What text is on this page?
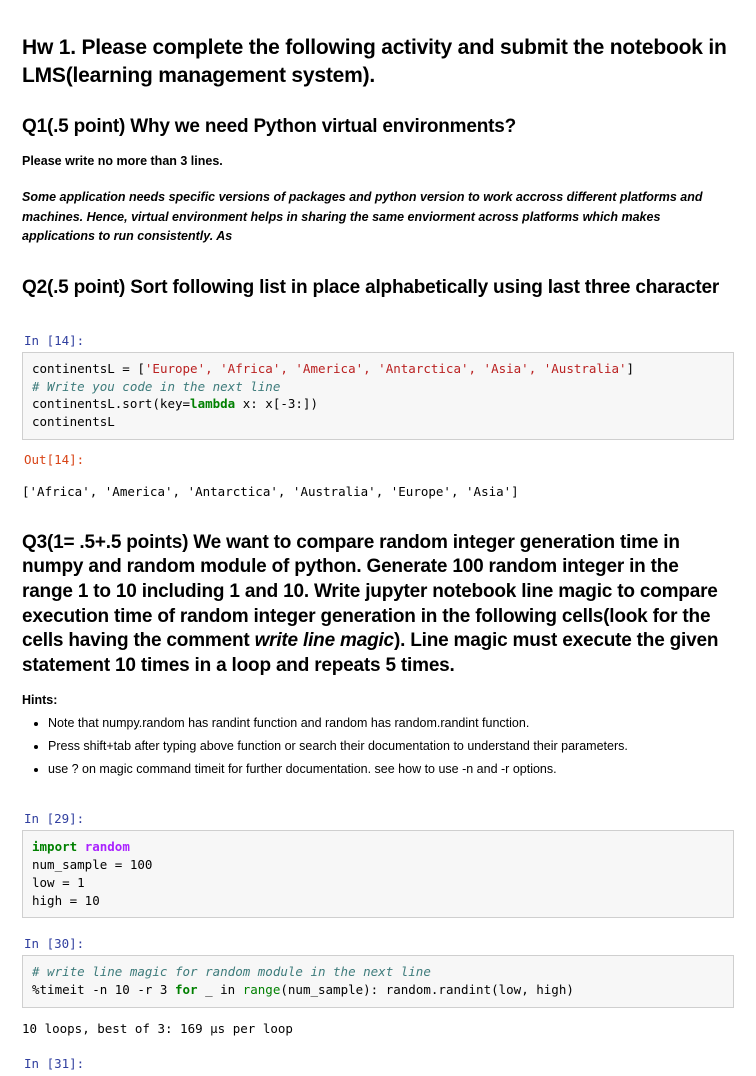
Hw 1. Please complete the following activity and submit the notebook in LMS(learning management system).
Q1(.5 point) Why we need Python virtual environments?

Please write no more than 3 lines.

Some application needs specific versions of packages and python version to work accross different platforms and machines. Hence, virtual environment helps in sharing the same enviorment across platforms which makes applications to run consistently. As

Q2(.5 point) Sort following list in place alphabetically using last three character
In [14]:
continentsL = ['Europe', 'Africa', 'America', 'Antarctica', 'Asia', 'Australia']
# Write you code in the next line
continentsL.sort(key=lambda x: x[-3:])
continentsL
Out[14]:
['Africa', 'America', 'Antarctica', 'Australia', 'Europe', 'Asia']
Q3(1= .5+.5 points) We want to compare random integer generation time in numpy and random module of python. Generate 100 random integer in the range 1 to 10 including 1 and 10. Write jupyter notebook line magic to compare execution time of random integer generation in the following cells(look for the cells having the comment write line magic). Line magic must execute the given statement 10 times in a loop and repeats 5 times.

Hints:

• Note that numpy.random has randint function and random has random.randint function.
• Press shift+tab after typing above function or search their documentation to understand their parameters.
• use ? on magic command timeit for further documentation. see how to use -n and -r options.
In [29]:
import random
num_sample = 100
low = 1
high = 10
In [30]:
# write line magic for random module in the next line
%timeit -n 10 -r 3 for _ in range(num_sample): random.randint(low, high)
10 loops, best of 3: 169 µs per loop
In [31]:
